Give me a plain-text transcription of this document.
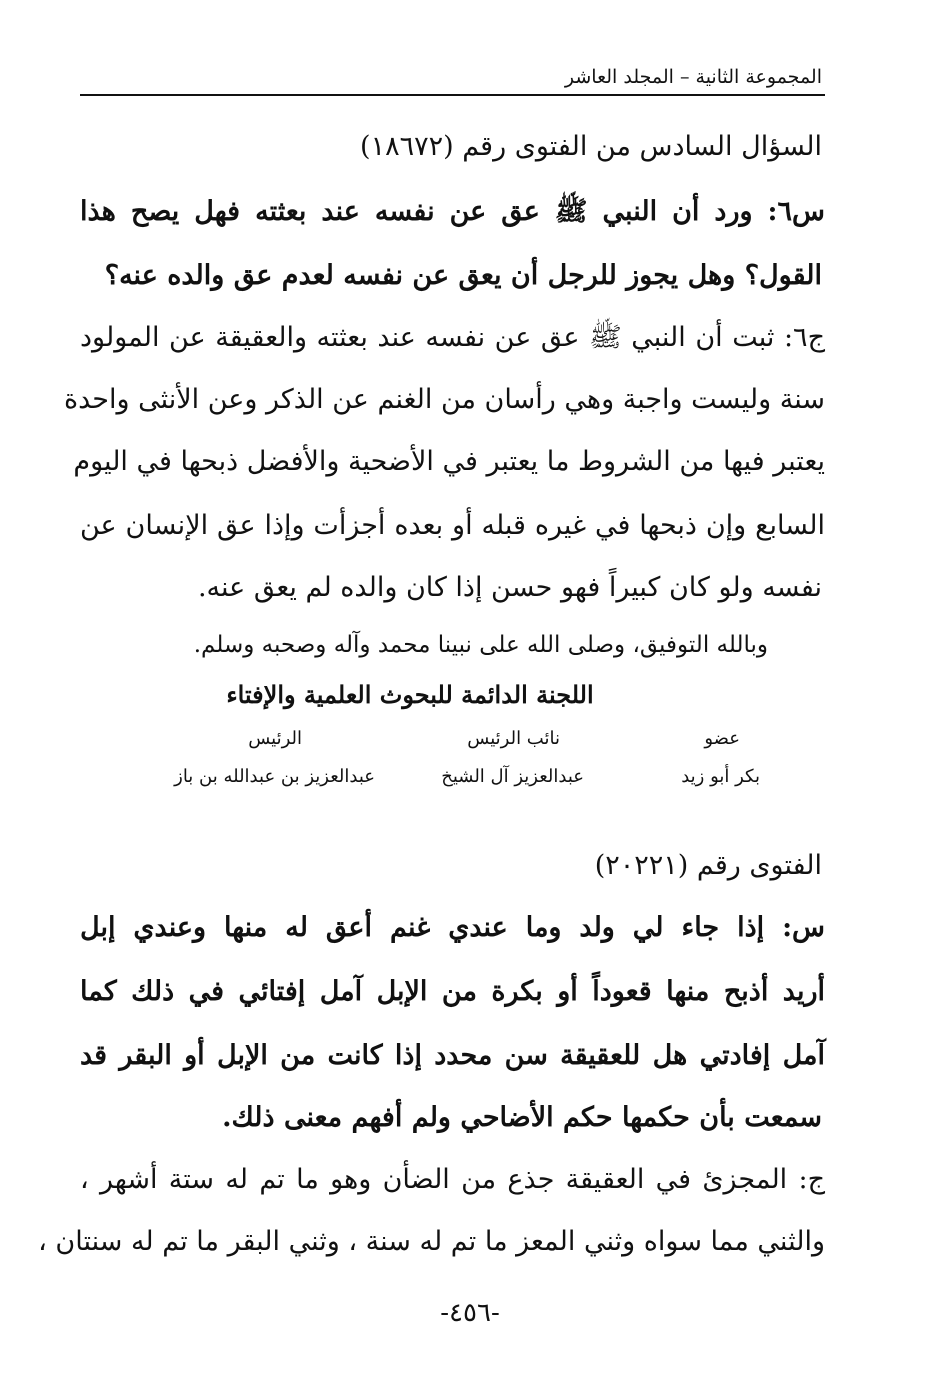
المجموعة الثانية – المجلد العاشر
السؤال السادس من الفتوى رقم (١٨٦٧٢)
س٦: ورد أن النبي ﷺ عق عن نفسه عند بعثته فهل يصح هذا
القول؟ وهل يجوز للرجل أن يعق عن نفسه لعدم عق والده عنه؟
ج٦: ثبت أن النبي ﷺ عق عن نفسه عند بعثته والعقيقة عن المولود
سنة وليست واجبة وهي رأسان من الغنم عن الذكر وعن الأنثى واحدة
يعتبر فيها من الشروط ما يعتبر في الأضحية والأفضل ذبحها في اليوم
السابع وإن ذبحها في غيره قبله أو بعده أجزأت وإذا عق الإنسان عن
نفسه ولو كان كبيراً فهو حسن إذا كان والده لم يعق عنه.
وبالله التوفيق، وصلى الله على نبينا محمد وآله وصحبه وسلم.
اللجنة الدائمة للبحوث العلمية والإفتاء
عضو
نائب الرئيس
الرئيس
بكر أبو زيد
عبدالعزيز آل الشيخ
عبدالعزيز بن عبدالله بن باز
الفتوى رقم (٢٠٢٢١)
س: إذا جاء لي ولد وما عندي غنم أعق له منها وعندي إبل
أريد أذبح منها قعوداً أو بكرة من الإبل آمل إفتائي في ذلك كما
آمل إفادتي هل للعقيقة سن محدد إذا كانت من الإبل أو البقر قد
سمعت بأن حكمها حكم الأضاحي ولم أفهم معنى ذلك.
ج: المجزئ في العقيقة جذع من الضأن وهو ما تم له ستة أشهر ،
والثني مما سواه وثني المعز ما تم له سنة ، وثني البقر ما تم له سنتان ،
-٤٥٦-
